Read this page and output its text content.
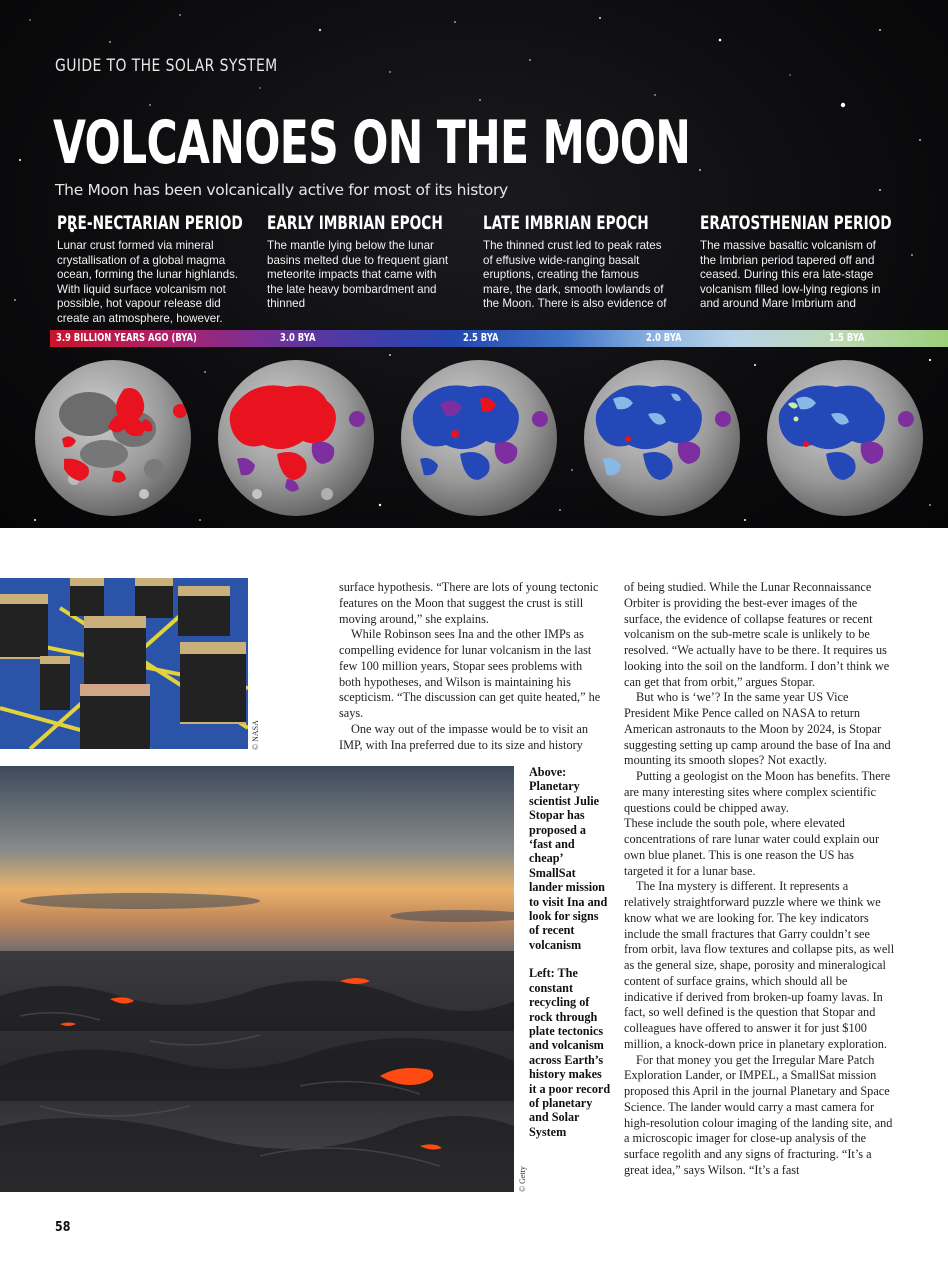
GUIDE TO THE SOLAR SYSTEM
VOLCANOES ON THE MOON
The Moon has been volcanically active for most of its history
PRE-NECTARIAN PERIOD

Lunar crust formed via mineral crystallisation of a global magma ocean, forming the lunar highlands. With liquid surface volcanism not possible, hot vapour release did create an atmosphere, however.

EARLY IMBRIAN EPOCH

The mantle lying below the lunar basins melted due to frequent giant meteorite impacts that came with the late heavy bombardment and thinned

LATE IMBRIAN EPOCH

The thinned crust led to peak rates of effusive wide-ranging basalt eruptions, creating the famous mare, the dark, smooth lowlands of the Moon. There is also evidence of

ERATOSTHENIAN PERIOD

The massive basaltic volcanism of the Imbrian period tapered off and ceased. During this era late-stage volcanism filled low-lying regions in and around Mare Imbrium and

3.9 BILLION YEARS AGO (BYA)	3.0 BYA	2.5 BYA	2.0 BYA	1.5 BYA
© NASA
© Getty

Above: Planetary scientist Julie Stopar has proposed a ‘fast and cheap’ SmallSat lander mission to visit Ina and look for signs of recent volcanism

Left: The constant recycling of rock through plate tectonics and volcanism across Earth’s history makes it a poor record of planetary and Solar System

surface hypothesis. “There are lots of young tectonic features on the Moon that suggest the crust is still moving around,” she explains.

While Robinson sees Ina and the other IMPs as compelling evidence for lunar volcanism in the last few 100 million years, Stopar sees problems with both hypotheses, and Wilson is maintaining his scepticism. “The discussion can get quite heated,” he says.

One way out of the impasse would be to visit an IMP, with Ina preferred due to its size and history

of being studied. While the Lunar Reconnaissance Orbiter is providing the best-ever images of the surface, the evidence of collapse features or recent volcanism on the sub-metre scale is unlikely to be resolved. “We actually have to be there. It requires us looking into the soil on the landform. I don’t think we can get that from orbit,” argues Stopar.

But who is ‘we’? In the same year US Vice President Mike Pence called on NASA to return American astronauts to the Moon by 2024, is Stopar suggesting setting up camp around the base of Ina and mounting its smooth slopes? Not exactly.

Putting a geologist on the Moon has benefits. There are many interesting sites where complex scientific questions could be chipped away.

These include the south pole, where elevated concentrations of rare lunar water could explain our own blue planet. This is one reason the US has targeted it for a lunar base.

The Ina mystery is different. It represents a relatively straightforward puzzle where we think we know what we are looking for. The key indicators include the small fractures that Garry couldn’t see from orbit, lava flow textures and collapse pits, as well as the general size, shape, porosity and mineralogical content of surface grains, which should all be indicative if derived from broken-up foamy lavas. In fact, so well defined is the question that Stopar and colleagues have offered to answer it for just $100 million, a knock-down price in planetary exploration.

For that money you get the Irregular Mare Patch Exploration Lander, or IMPEL, a SmallSat mission proposed this April in the journal Planetary and Space Science. The lander would carry a mast camera for high-resolution colour imaging of the landing site, and a microscopic imager for close-up analysis of the surface regolith and any signs of fracturing. “It’s a great idea,” says Wilson. “It’s a fast

58
